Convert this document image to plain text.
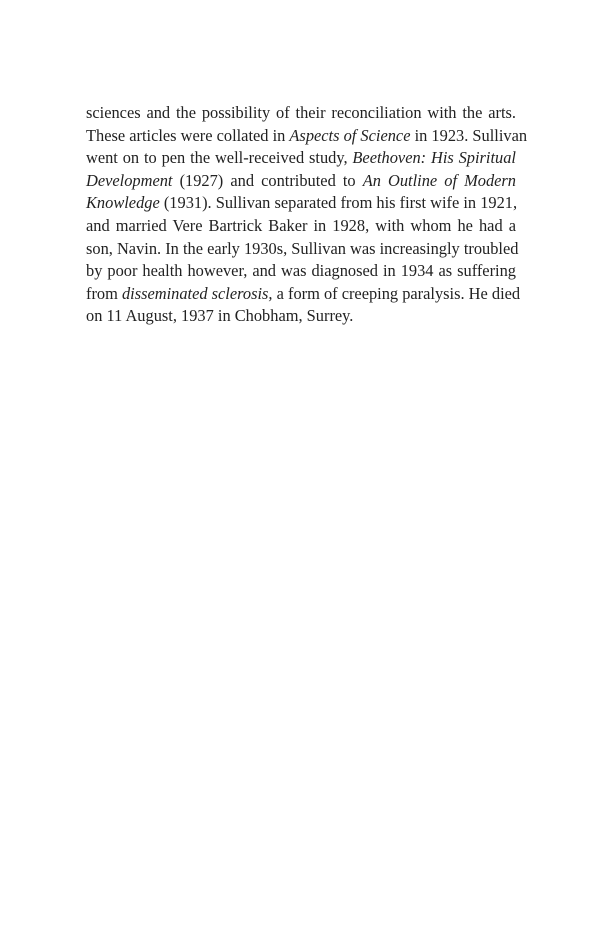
sciences and the possibility of their reconciliation with the arts.
These articles were collated in Aspects of Science in 1923. Sullivan
went on to pen the well-received study, Beethoven: His Spiritual
Development (1927) and contributed to An Outline of Modern
Knowledge (1931). Sullivan separated from his first wife in 1921,
and married Vere Bartrick Baker in 1928, with whom he had a
son, Navin. In the early 1930s, Sullivan was increasingly troubled
by poor health however, and was diagnosed in 1934 as suffering
from disseminated sclerosis, a form of creeping paralysis. He died
on 11 August, 1937 in Chobham, Surrey.
